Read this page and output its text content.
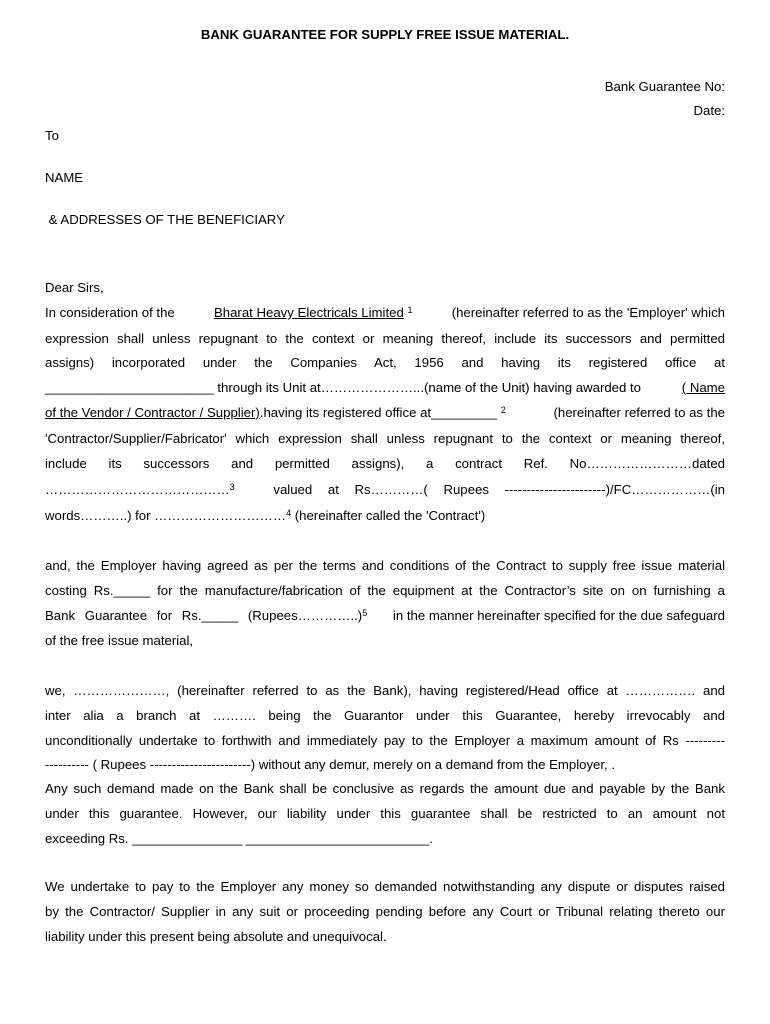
BANK GUARANTEE FOR SUPPLY FREE ISSUE MATERIAL.
Bank Guarantee No:
Date:
To
NAME
& ADDRESSES OF THE BENEFICIARY
Dear Sirs,
In consideration of the	Bharat Heavy Electricals Limited $^1$	(hereinafter referred to as the 'Employer' which
expression shall unless repugnant to the context or meaning thereof, include its successors and permitted
assigns) incorporated under the Companies Act, 1956 and having its registered office at
_______________________ through its Unit at…………………...(name of the Unit) having awarded to	( Name
of the Vendor / Contractor / Supplier).having its registered office at_________ $^2$	(hereinafter referred to as the
'Contractor/Supplier/Fabricator' which expression shall unless repugnant to the context or meaning thereof,
include its successors and permitted assigns), a contract Ref. No……………………dated
……………………………………$^3$	valued at Rs…………( Rupees -----------------------)/FC………………(in
words………..) for …………………………$^4$ (hereinafter called the 'Contract')
and, the Employer having agreed as per the terms and conditions of the Contract to supply free issue material
costing Rs._____ for the manufacture/fabrication of the equipment at the Contractor’s site on on furnishing a
Bank Guarantee for Rs._____ (Rupees…………..)$^5$ in the manner hereinafter specified for the due safeguard
of the free issue material,
we, …………………, (hereinafter referred to as the Bank), having registered/Head office at ……………. and
inter alia a branch at ………. being the Guarantor under this Guarantee, hereby irrevocably and
unconditionally undertake to forthwith and immediately pay to the Employer a maximum amount of Rs ---------
---------- ( Rupees -----------------------) without any demur, merely on a demand from the Employer, .
Any such demand made on the Bank shall be conclusive as regards the amount due and payable by the Bank
under this guarantee. However, our liability under this guarantee shall be restricted to an amount not
exceeding Rs. _______________ _________________________.
We undertake to pay to the Employer any money so demanded notwithstanding any dispute or disputes raised
by the Contractor/ Supplier in any suit or proceeding pending before any Court or Tribunal relating thereto our
liability under this present being absolute and unequivocal.
